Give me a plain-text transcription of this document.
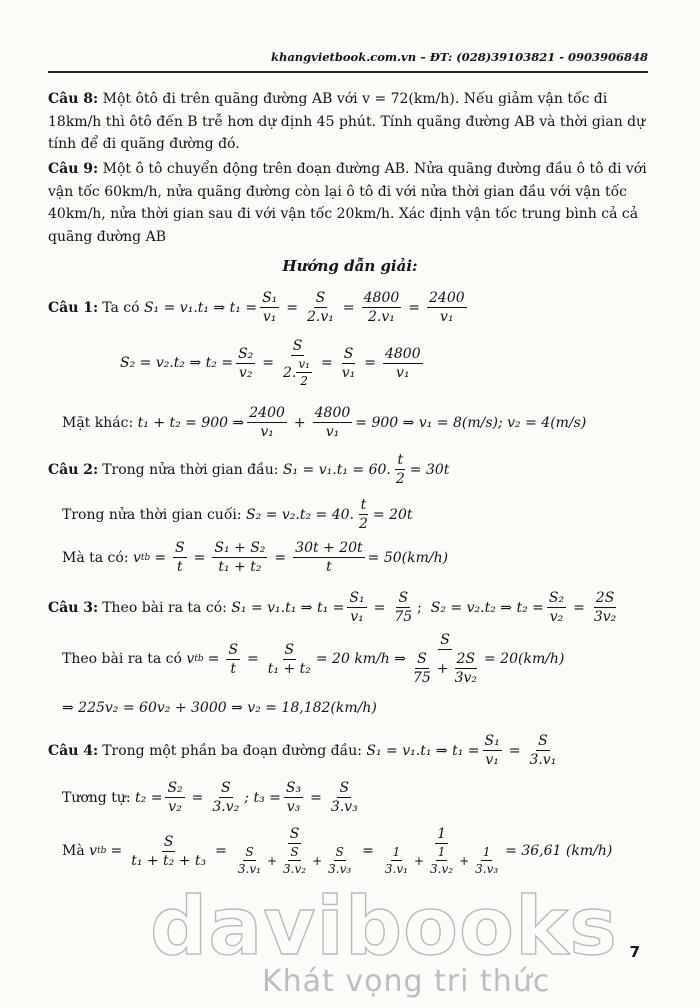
khangvietbook.com.vn – ĐT: (028)39103821 - 0903906848
Câu 8: Một ôtô đi trên quãng đường AB với v = 72(km/h). Nếu giảm vận tốc đi 18km/h thì ôtô đến B trễ hơn dự định 45 phút. Tính quãng đường AB và thời gian dự tính để đi quãng đường đó.
Câu 9: Một ô tô chuyển động trên đoạn đường AB. Nửa quãng đường đầu ô tô đi với vận tốc 60km/h, nửa quãng đường còn lại ô tô đi với nửa thời gian đầu với vận tốc 40km/h, nửa thời gian sau đi với vận tốc 20km/h. Xác định vận tốc trung bình cả cả quãng đường AB
Hướng dẫn giải:
Câu 1: Ta có
S₁ = v₁.t₁ ⇒ $t_1 = \frac{\text{S₁}}{\text{v₁}} = \frac{S}{\text{2.v₁}} = \frac{4800}{\text{2.v₁}} = \frac{2400}{\text{v₁}}$
S₂ = v₂.t₂ ⇒ $t_2 = \frac{\text{S₂}}{\text{v₂}} = \frac{S}{2. \frac{\text{v₁}}{2}} = \frac{S}{\text{v₁}} = \frac{4800}{\text{v₁}}$
Mặt khác:
t₁ + t₂ = 900 ⇒ $\frac{2400}{\text{v₁}} + \frac{4800}{\text{v₁}} = 900$ ⇒ v₁ = 8(m/s); v₂ = 4(m/s)
Câu 2: Trong nửa thời gian đầu:
S₁ = v₁.t₁ = 60. $\frac{t}{2} = 30t$
Trong nửa thời gian cuối:
S₂ = v₂.t₂ = 40. $\frac{t}{2} = 20t$
Mà ta có:
v tb = $\frac{S}{t} = \frac{\text{S₁ + S₂}}{\text{t₁ + t₂}} = \frac{30t + 20t}{t} = 50(km/h)$
Câu 3: Theo bài ra ta có:
S₁ = v₁.t₁ ⇒ $t_1 = \frac{\text{S₁}}{\text{v₁}} = \frac{S}{75}$ ;
S₂ = v₂.t₂ ⇒ $t_2 = \frac{\text{S₂}}{\text{v₂}} = \frac{2S}{\text{3v₂}}$
Theo bài ra ta có
v tb = $\frac{S}{t} = \frac{S}{\text{t₁ + t₂}} = 20$ km/h ⇒ $\frac{S}{\frac{S}{75} + \frac{2S}{\text{3v₂}}} = 20(km/h)$
⇒ 225v₂ = 60v₂ + 3000 ⇒ v₂ = 18,182(km/h)
Câu 4: Trong một phần ba đoạn đường đầu:
S₁ = v₁.t₁ ⇒ $t_1 = \frac{\text{S₁}}{\text{v₁}} = \frac{S}{\text{3.v₁}}$
Tương tự:
$t_2 = \frac{\text{S₂}}{\text{v₂}} = \frac{S}{\text{3.v₂}}$ ; $t_3 = \frac{\text{S₃}}{\text{v₃}} = \frac{S}{\text{3.v₃}}$
Mà
v tb = $\frac{S}{\text{t₁ + t₂ + t₃}} = \frac{S}{\frac{S}{\text{3.v₁}} + \frac{S}{\text{3.v₂}} + \frac{S}{\text{3.v₃}}} = \frac{1}{\frac{1}{\text{3.v₁}} + \frac{1}{\text{3.v₂}} + \frac{1}{\text{3.v₃}}} = 36,61$ (km/h)
davibooks
Khát vọng tri thức
7
